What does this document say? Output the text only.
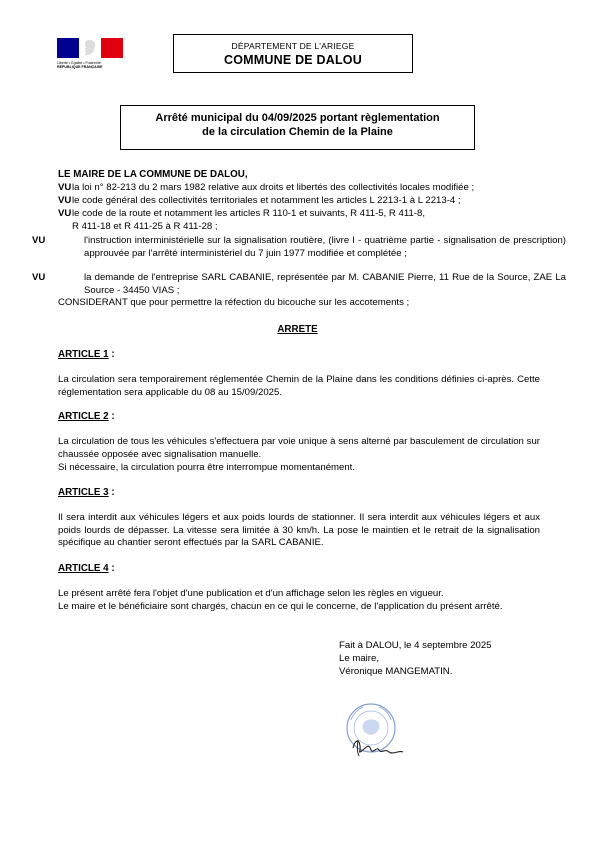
Liberté • Égalité • Fraternité
RÉPUBLIQUE FRANÇAISE
DÉPARTEMENT DE L'ARIEGE
COMMUNE DE DALOU
Arrêté municipal du 04/09/2025 portant règlementation
de la circulation Chemin de la Plaine
LE MAIRE DE LA COMMUNE DE DALOU,
VUla loi n° 82-213 du 2 mars 1982 relative aux droits et libertés des collectivités locales modifiée ;
VUle code général des collectivités territoriales et notamment les articles L 2213-1 à L 2213-4 ;
VUle code de la route et notamment les articles R 110-1 et suivants, R 411-5, R 411-8,
R 411-18 et R 411-25 à R 411-28 ;
VU	l'instruction interministérielle sur la signalisation routière, (livre I - quatrième partie - signalisation de prescription) approuvée par l'arrêté interministériel du 7 juin 1977 modifiée et complétée ;
VU	la demande de l'entreprise SARL CABANIE, représentée par M. CABANIE Pierre, 11 Rue de la Source, ZAE La Source - 34450 VIAS ;
CONSIDERANT que pour permettre la réfection du bicouche sur les accotements ;
ARRETE
ARTICLE 1 :
La circulation sera temporairement réglementée Chemin de la Plaine dans les conditions définies ci-après. Cette réglementation sera applicable du 08 au 15/09/2025.
ARTICLE 2 :
La circulation de tous les véhicules s'effectuera par voie unique à sens alterné par basculement de circulation sur chaussée opposée avec signalisation manuelle.
Si nécessaire, la circulation pourra être interrompue momentanément.
ARTICLE 3 :
Il sera interdit aux véhicules légers et aux poids lourds de stationner. Il sera interdit aux véhicules légers et aux poids lourds de dépasser. La vitesse sera limitée à 30 km/h. La pose le maintien et le retrait de la signalisation spécifique au chantier seront effectués par la SARL CABANIE.
ARTICLE 4 :
Le présent arrêté fera l'objet d'une publication et d'un affichage selon les règles en vigueur.
Le maire et le bénéficiaire sont chargés, chacun en ce qui le concerne, de l'application du présent arrêté.
Fait à DALOU, le 4 septembre 2025
Le maire,
Véronique MANGEMATIN.
